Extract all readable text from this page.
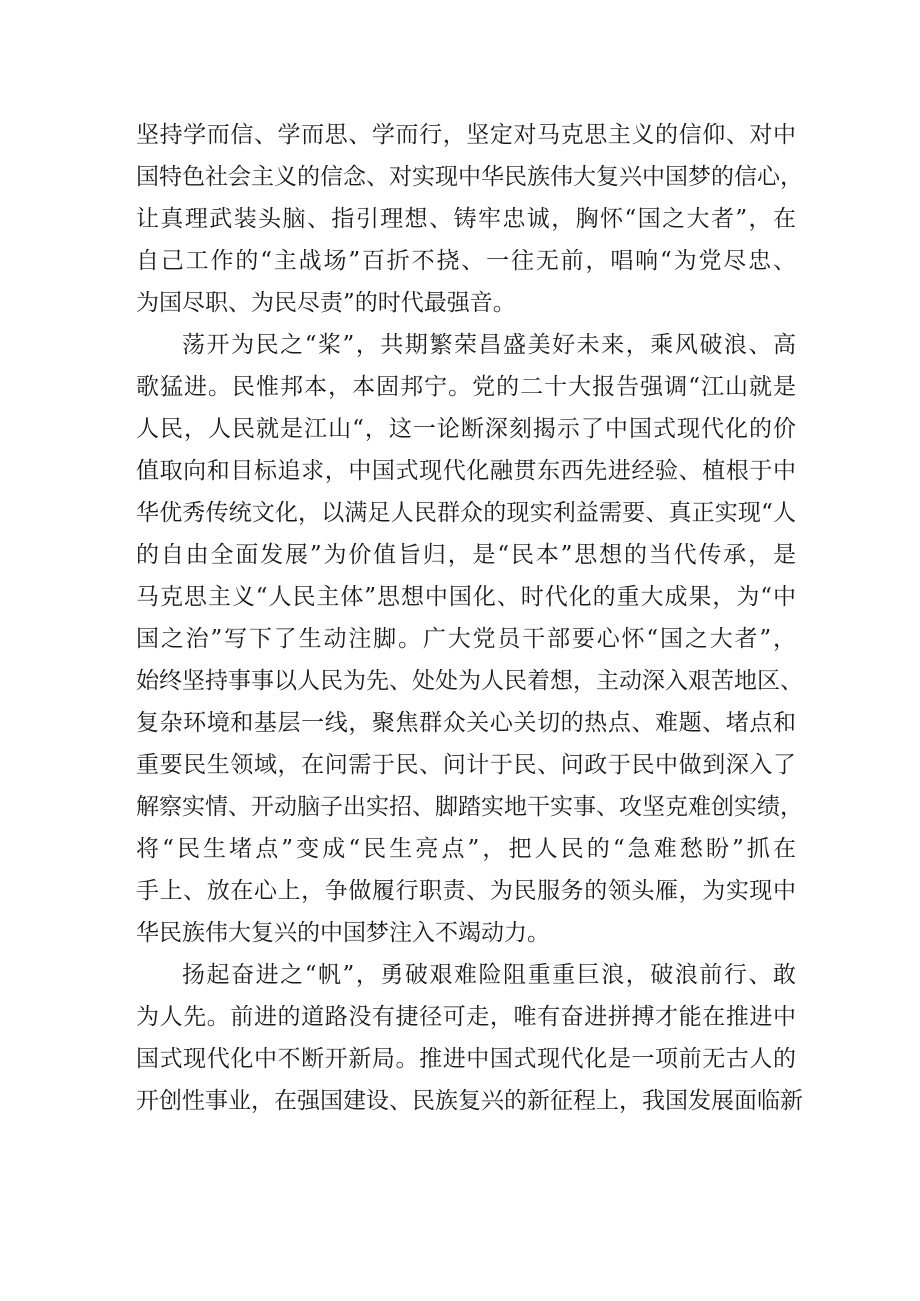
坚持学而信、学而思、学而行，坚定对马克思主义的信仰、对中
国特色社会主义的信念、对实现中华民族伟大复兴中国梦的信心，
让真理武装头脑、指引理想、铸牢忠诚，胸怀“国之大者”，在
自己工作的“主战场”百折不挠、一往无前，唱响“为党尽忠、
为国尽职、为民尽责”的时代最强音。
荡开为民之“桨”，共期繁荣昌盛美好未来，乘风破浪、高
歌猛进。民惟邦本，本固邦宁。党的二十大报告强调“江山就是
人民，人民就是江山“，这一论断深刻揭示了中国式现代化的价
值取向和目标追求，中国式现代化融贯东西先进经验、植根于中
华优秀传统文化，以满足人民群众的现实利益需要、真正实现“人
的自由全面发展”为价值旨归，是“民本”思想的当代传承，是
马克思主义“人民主体”思想中国化、时代化的重大成果，为“中
国之治”写下了生动注脚。广大党员干部要心怀“国之大者”，
始终坚持事事以人民为先、处处为人民着想，主动深入艰苦地区、
复杂环境和基层一线，聚焦群众关心关切的热点、难题、堵点和
重要民生领域，在问需于民、问计于民、问政于民中做到深入了
解察实情、开动脑子出实招、脚踏实地干实事、攻坚克难创实绩，
将“民生堵点”变成“民生亮点”，把人民的“急难愁盼”抓在
手上、放在心上，争做履行职责、为民服务的领头雁，为实现中
华民族伟大复兴的中国梦注入不竭动力。
扬起奋进之“帆”，勇破艰难险阻重重巨浪，破浪前行、敢
为人先。前进的道路没有捷径可走，唯有奋进拼搏才能在推进中
国式现代化中不断开新局。推进中国式现代化是一项前无古人的
开创性事业，在强国建设、民族复兴的新征程上，我国发展面临新
